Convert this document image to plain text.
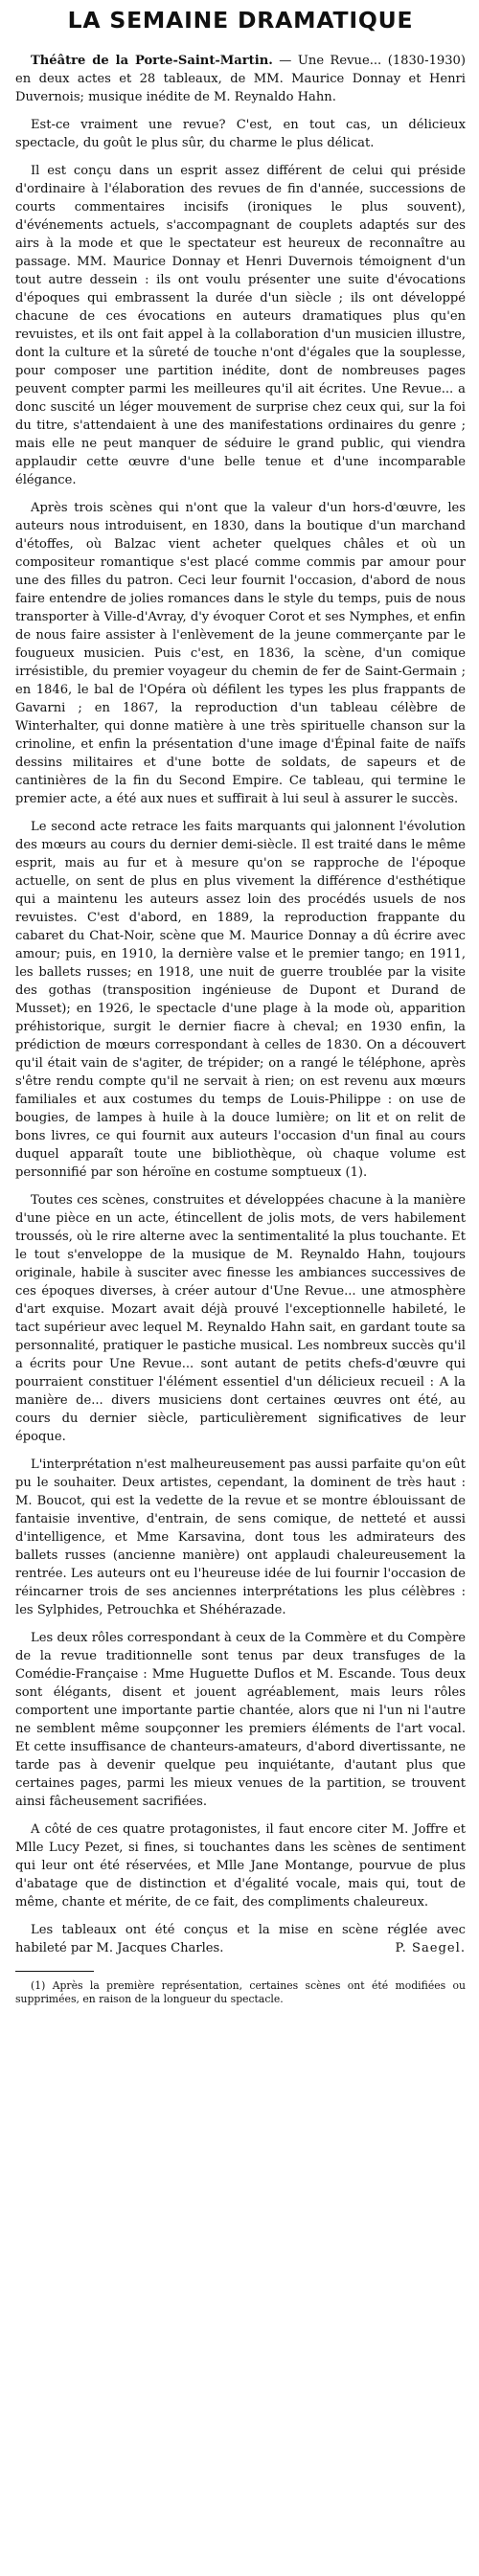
LA SEMAINE DRAMATIQUE

Théâtre de la Porte-Saint-Martin. — Une Revue... (1830-1930) en deux actes et 28 tableaux, de MM. Maurice Donnay et Henri Duvernois; musique inédite de M. Reynaldo Hahn.

Est-ce vraiment une revue? C'est, en tout cas, un délicieux spectacle, du goût le plus sûr, du charme le plus délicat.

Il est conçu dans un esprit assez différent de celui qui préside d'ordinaire à l'élaboration des revues de fin d'année, successions de courts commentaires incisifs (ironiques le plus souvent), d'événements actuels, s'accompagnant de couplets adaptés sur des airs à la mode et que le spectateur est heureux de reconnaître au passage. MM. Maurice Donnay et Henri Duvernois témoignent d'un tout autre dessein : ils ont voulu présenter une suite d'évocations d'époques qui embrassent la durée d'un siècle ; ils ont développé chacune de ces évocations en auteurs dramatiques plus qu'en revuistes, et ils ont fait appel à la collaboration d'un musicien illustre, dont la culture et la sûreté de touche n'ont d'égales que la souplesse, pour composer une partition inédite, dont de nombreuses pages peuvent compter parmi les meilleures qu'il ait écrites. Une Revue... a donc suscité un léger mouvement de surprise chez ceux qui, sur la foi du titre, s'attendaient à une des manifestations ordinaires du genre ; mais elle ne peut manquer de séduire le grand public, qui viendra applaudir cette œuvre d'une belle tenue et d'une incomparable élégance.

Après trois scènes qui n'ont que la valeur d'un hors-d'œuvre, les auteurs nous introduisent, en 1830, dans la boutique d'un marchand d'étoffes, où Balzac vient acheter quelques châles et où un compositeur romantique s'est placé comme commis par amour pour une des filles du patron. Ceci leur fournit l'occasion, d'abord de nous faire entendre de jolies romances dans le style du temps, puis de nous transporter à Ville-d'Avray, d'y évoquer Corot et ses Nymphes, et enfin de nous faire assister à l'enlèvement de la jeune commerçante par le fougueux musicien. Puis c'est, en 1836, la scène, d'un comique irrésistible, du premier voyageur du chemin de fer de Saint-Germain ; en 1846, le bal de l'Opéra où défilent les types les plus frappants de Gavarni ; en 1867, la reproduction d'un tableau célèbre de Winterhalter, qui donne matière à une très spirituelle chanson sur la crinoline, et enfin la présentation d'une image d'Épinal faite de naïfs dessins militaires et d'une botte de soldats, de sapeurs et de cantinières de la fin du Second Empire. Ce tableau, qui termine le premier acte, a été aux nues et suffirait à lui seul à assurer le succès.

Le second acte retrace les faits marquants qui jalonnent l'évolution des mœurs au cours du dernier demi-siècle. Il est traité dans le même esprit, mais au fur et à mesure qu'on se rapproche de l'époque actuelle, on sent de plus en plus vivement la différence d'esthétique qui a maintenu les auteurs assez loin des procédés usuels de nos revuistes. C'est d'abord, en 1889, la reproduction frappante du cabaret du Chat-Noir, scène que M. Maurice Donnay a dû écrire avec amour; puis, en 1910, la dernière valse et le premier tango; en 1911, les ballets russes; en 1918, une nuit de guerre troublée par la visite des gothas (transposition ingénieuse de Dupont et Durand de Musset); en 1926, le spectacle d'une plage à la mode où, apparition préhistorique, surgit le dernier fiacre à cheval; en 1930 enfin, la prédiction de mœurs correspondant à celles de 1830. On a découvert qu'il était vain de s'agiter, de trépider; on a rangé le téléphone, après s'être rendu compte qu'il ne servait à rien; on est revenu aux mœurs familiales et aux costumes du temps de Louis-Philippe : on use de bougies, de lampes à huile à la douce lumière; on lit et on relit de bons livres, ce qui fournit aux auteurs l'occasion d'un final au cours duquel apparaît toute une bibliothèque, où chaque volume est personnifié par son héroïne en costume somptueux (1).

Toutes ces scènes, construites et développées chacune à la manière d'une pièce en un acte, étincellent de jolis mots, de vers habilement troussés, où le rire alterne avec la sentimentalité la plus touchante. Et le tout s'enveloppe de la musique de M. Reynaldo Hahn, toujours originale, habile à susciter avec finesse les ambiances successives de ces époques diverses, à créer autour d'Une Revue... une atmosphère d'art exquise. Mozart avait déjà prouvé l'exceptionnelle habileté, le tact supérieur avec lequel M. Reynaldo Hahn sait, en gardant toute sa personnalité, pratiquer le pastiche musical. Les nombreux succès qu'il a écrits pour Une Revue... sont autant de petits chefs-d'œuvre qui pourraient constituer l'élément essentiel d'un délicieux recueil : A la manière de... divers musiciens dont certaines œuvres ont été, au cours du dernier siècle, particulièrement significatives de leur époque.

L'interprétation n'est malheureusement pas aussi parfaite qu'on eût pu le souhaiter. Deux artistes, cependant, la dominent de très haut : M. Boucot, qui est la vedette de la revue et se montre éblouissant de fantaisie inventive, d'entrain, de sens comique, de netteté et aussi d'intelligence, et Mme Karsavina, dont tous les admirateurs des ballets russes (ancienne manière) ont applaudi chaleureusement la rentrée. Les auteurs ont eu l'heureuse idée de lui fournir l'occasion de réincarner trois de ses anciennes interprétations les plus célèbres : les Sylphides, Petrouchka et Shéhérazade.

Les deux rôles correspondant à ceux de la Commère et du Compère de la revue traditionnelle sont tenus par deux transfuges de la Comédie-Française : Mme Huguette Duflos et M. Escande. Tous deux sont élégants, disent et jouent agréablement, mais leurs rôles comportent une importante partie chantée, alors que ni l'un ni l'autre ne semblent même soupçonner les premiers éléments de l'art vocal. Et cette insuffisance de chanteurs-amateurs, d'abord divertissante, ne tarde pas à devenir quelque peu inquiétante, d'autant plus que certaines pages, parmi les mieux venues de la partition, se trouvent ainsi fâcheusement sacrifiées.

A côté de ces quatre protagonistes, il faut encore citer M. Joffre et Mlle Lucy Pezet, si fines, si touchantes dans les scènes de sentiment qui leur ont été réservées, et Mlle Jane Montange, pourvue de plus d'abatage que de distinction et d'égalité vocale, mais qui, tout de même, chante et mérite, de ce fait, des compliments chaleureux.

Les tableaux ont été conçus et la mise en scène réglée avec habileté par M. Jacques Charles.	P. Saegel.

(1) Après la première représentation, certaines scènes ont été modifiées ou supprimées, en raison de la longueur du spectacle.
